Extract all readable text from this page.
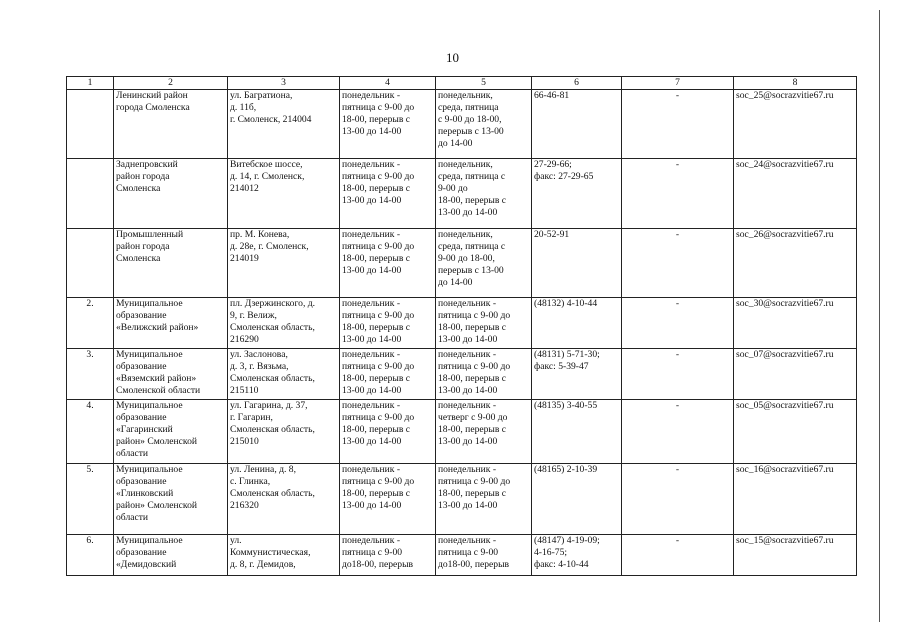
10
1	2	3	4	5	6	7	8
	Ленинский район
города Смоленска	ул. Багратиона,
д. 11б,
г. Смоленск, 214004	понедельник -
пятница с 9-00 до
18-00, перерыв с
13-00 до 14-00	понедельник,
среда, пятница
с 9-00 до 18-00,
перерыв с 13-00
до 14-00	66-46-81	-	soc_25@socrazvitie67.ru
	Заднепровский
район города
Смоленска	Витебское шоссе,
д. 14, г. Смоленск,
214012	понедельник -
пятница с 9-00 до
18-00, перерыв с
13-00 до 14-00	понедельник,
среда, пятница с
9-00 до
18-00, перерыв с
13-00 до 14-00	27-29-66;
факс: 27-29-65	-	soc_24@socrazvitie67.ru
	Промышленный
район города
Смоленска	пр. М. Конева,
д. 28е, г. Смоленск,
214019	понедельник -
пятница с 9-00 до
18-00, перерыв с
13-00 до 14-00	понедельник,
среда, пятница с
9-00 до 18-00,
перерыв с 13-00
до 14-00	20-52-91	-	soc_26@socrazvitie67.ru
2.	Муниципальное
образование
«Велижский район»	пл. Дзержинского, д.
9, г. Велиж,
Смоленская область,
216290	понедельник -
пятница с 9-00 до
18-00, перерыв с
13-00 до 14-00	понедельник -
пятница с 9-00 до
18-00, перерыв с
13-00 до 14-00	(48132) 4-10-44	-	soc_30@socrazvitie67.ru
3.	Муниципальное
образование
«Вяземский район»
Смоленской области	ул. Заслонова,
д. 3, г. Вязьма,
Смоленская область,
215110	понедельник -
пятница с 9-00 до
18-00, перерыв с
13-00 до 14-00	понедельник -
пятница с 9-00 до
18-00, перерыв с
13-00 до 14-00	(48131) 5-71-30;
факс: 5-39-47	-	soc_07@socrazvitie67.ru
4.	Муниципальное
образование
«Гагаринский
район» Смоленской
области	ул. Гагарина, д. 37,
г. Гагарин,
Смоленская область,
215010	понедельник -
пятница с 9-00 до
18-00, перерыв с
13-00 до 14-00	понедельник -
четверг с 9-00 до
18-00, перерыв с
13-00 до 14-00	(48135) 3-40-55	-	soc_05@socrazvitie67.ru
5.	Муниципальное
образование
«Глинковский
район» Смоленской
области	ул. Ленина, д. 8,
с. Глинка,
Смоленская область,
216320	понедельник -
пятница с 9-00 до
18-00, перерыв с
13-00 до 14-00	понедельник -
пятница с 9-00 до
18-00, перерыв с
13-00 до 14-00	(48165) 2-10-39	-	soc_16@socrazvitie67.ru
6.	Муниципальное
образование
«Демидовский	ул.
Коммунистическая,
д. 8, г. Демидов,	понедельник -
пятница с 9-00
до18-00, перерыв	понедельник -
пятница с 9-00
до18-00, перерыв	(48147) 4-19-09;
4-16-75;
факс: 4-10-44	-	soc_15@socrazvitie67.ru
